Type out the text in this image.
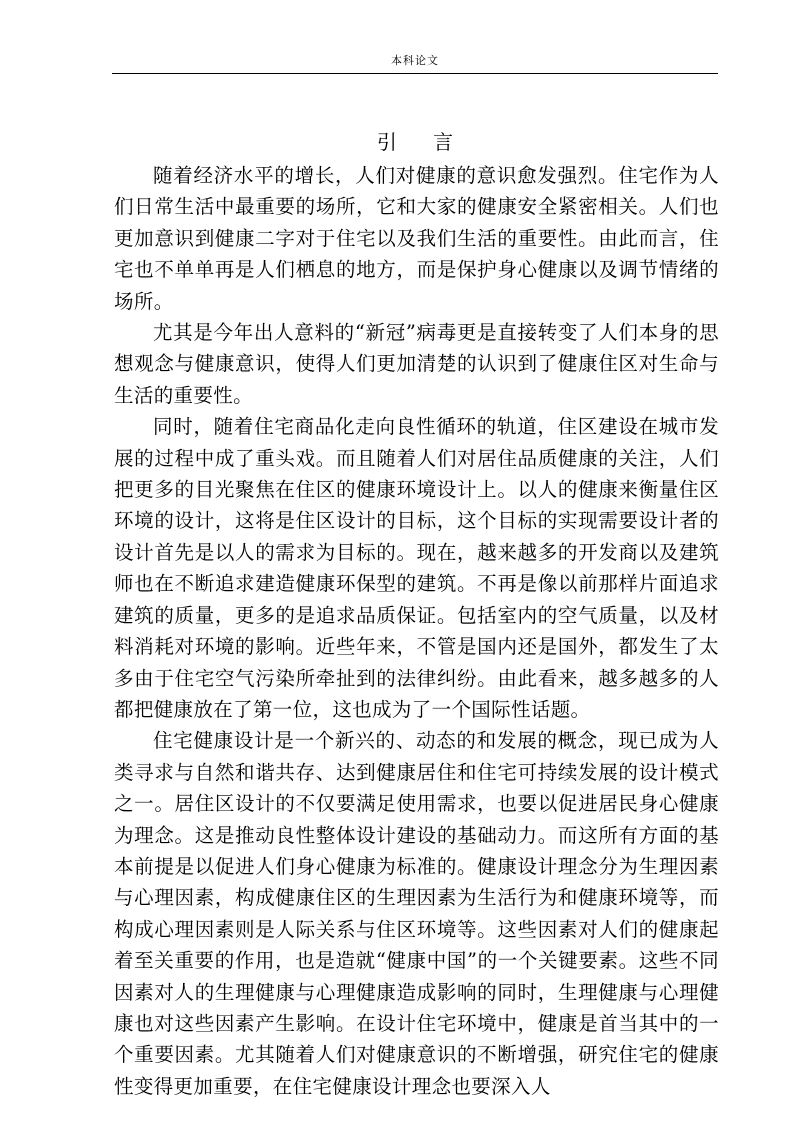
本科论文
引 言

随着经济水平的增长，人们对健康的意识愈发强烈。住宅作为人们日常生活中最重要的场所，它和大家的健康安全紧密相关。人们也更加意识到健康二字对于住宅以及我们生活的重要性。由此而言，住宅也不单单再是人们栖息的地方，而是保护身心健康以及调节情绪的场所。

尤其是今年出人意料的“新冠”病毒更是直接转变了人们本身的思想观念与健康意识，使得人们更加清楚的认识到了健康住区对生命与生活的重要性。

同时，随着住宅商品化走向良性循环的轨道，住区建设在城市发展的过程中成了重头戏。而且随着人们对居住品质健康的关注，人们把更多的目光聚焦在住区的健康环境设计上。以人的健康来衡量住区环境的设计，这将是住区设计的目标，这个目标的实现需要设计者的设计首先是以人的需求为目标的。现在，越来越多的开发商以及建筑师也在不断追求建造健康环保型的建筑。不再是像以前那样片面追求建筑的质量，更多的是追求品质保证。包括室内的空气质量，以及材料消耗对环境的影响。近些年来，不管是国内还是国外，都发生了太多由于住宅空气污染所牵扯到的法律纠纷。由此看来，越多越多的人都把健康放在了第一位，这也成为了一个国际性话题。

住宅健康设计是一个新兴的、动态的和发展的概念，现已成为人类寻求与自然和谐共存、达到健康居住和住宅可持续发展的设计模式之一。居住区设计的不仅要满足使用需求，也要以促进居民身心健康为理念。这是推动良性整体设计建设的基础动力。而这所有方面的基本前提是以促进人们身心健康为标准的。健康设计理念分为生理因素与心理因素，构成健康住区的生理因素为生活行为和健康环境等，而构成心理因素则是人际关系与住区环境等。这些因素对人们的健康起着至关重要的作用，也是造就“健康中国”的一个关键要素。这些不同因素对人的生理健康与心理健康造成影响的同时，生理健康与心理健康也对这些因素产生影响。在设计住宅环境中，健康是首当其中的一个重要因素。尤其随着人们对健康意识的不断增强，研究住宅的健康性变得更加重要，在住宅健康设计理念也要深入人
